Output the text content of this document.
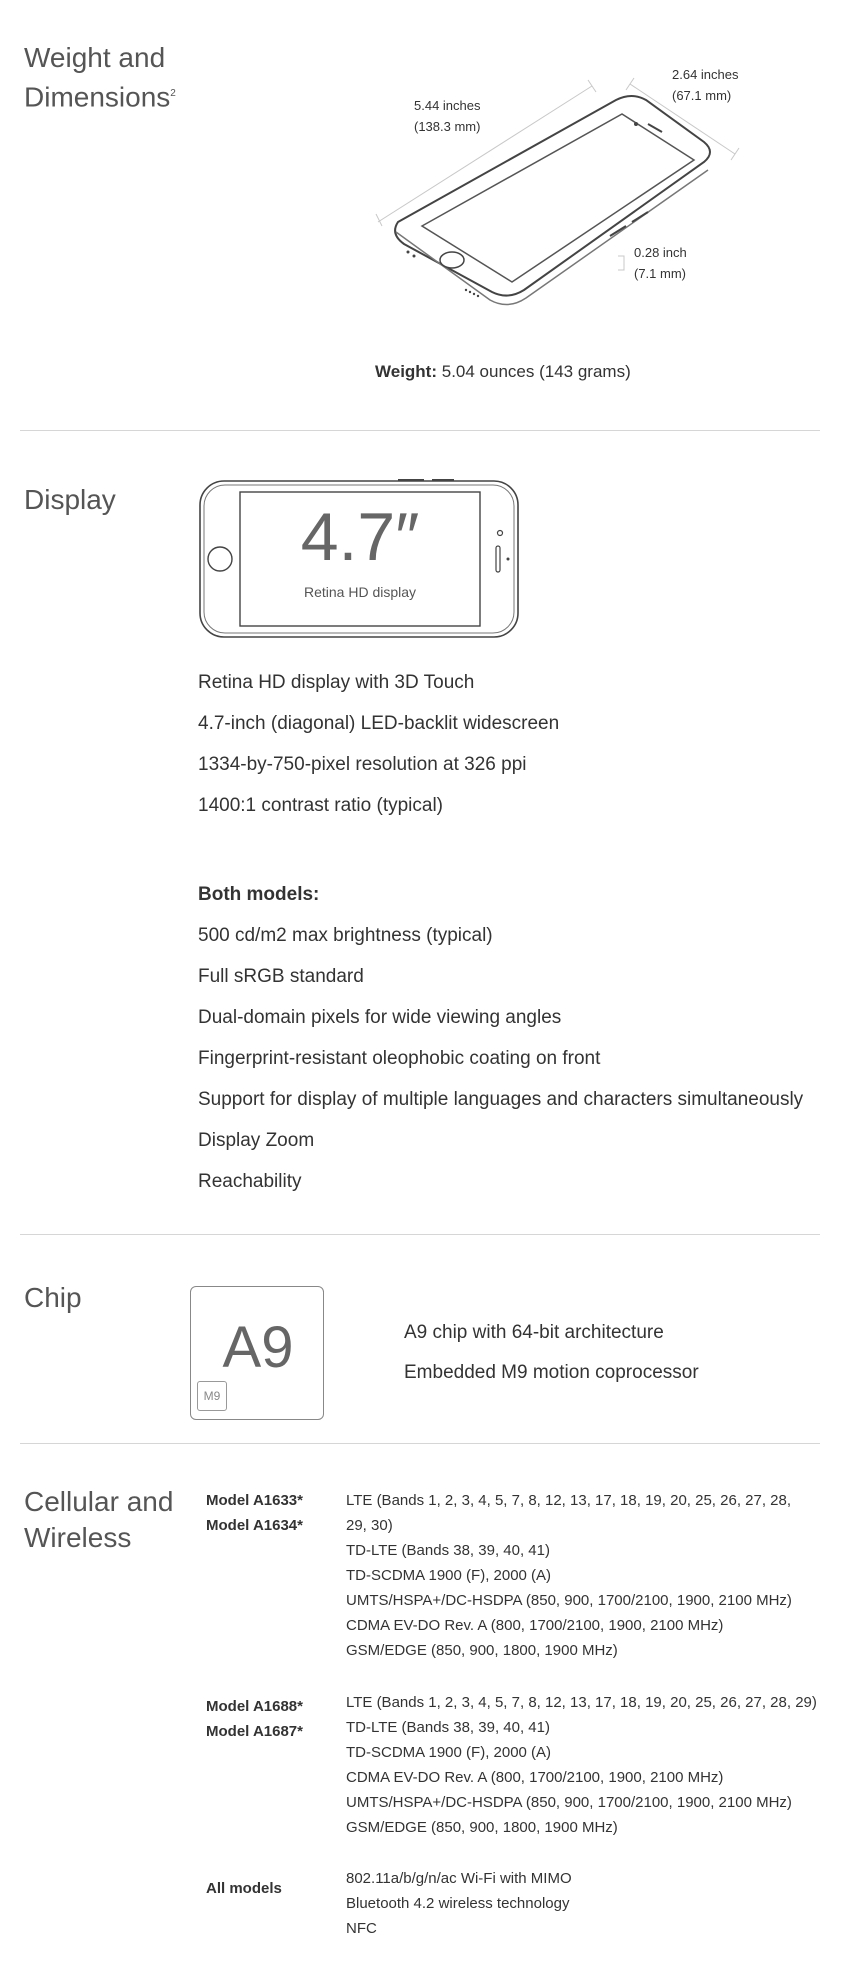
Weight and
Dimensions$^2$
5.44 inches
(138.3 mm)
2.64 inches
(67.1 mm)
0.28 inch
(7.1 mm)
Weight: 5.04 ounces (143 grams)
Display	4.7″
Retina HD display
Retina HD display with 3D Touch
4.7-inch (diagonal) LED-backlit widescreen
1334-by-750-pixel resolution at 326 ppi
1400:1 contrast ratio (typical)
Both models:
500 cd/m2 max brightness (typical)
Full sRGB standard
Dual-domain pixels for wide viewing angles
Fingerprint-resistant oleophobic coating on front
Support for display of multiple languages and characters simultaneously
Display Zoom
Reachability
Chip
A9
M9
A9 chip with 64-bit architecture
Embedded M9 motion coprocessor
Cellular and
Wireless
Model A1633*
Model A1634*
LTE (Bands 1, 2, 3, 4, 5, 7, 8, 12, 13, 17, 18, 19, 20, 25, 26, 27, 28, 29, 30)
TD-LTE (Bands 38, 39, 40, 41)
TD-SCDMA 1900 (F), 2000 (A)
UMTS/HSPA+/DC-HSDPA (850, 900, 1700/2100, 1900, 2100 MHz)
CDMA EV-DO Rev. A (800, 1700/2100, 1900, 2100 MHz)
GSM/EDGE (850, 900, 1800, 1900 MHz)
Model A1688*
Model A1687*
LTE (Bands 1, 2, 3, 4, 5, 7, 8, 12, 13, 17, 18, 19, 20, 25, 26, 27, 28, 29)
TD-LTE (Bands 38, 39, 40, 41)
TD-SCDMA 1900 (F), 2000 (A)
CDMA EV-DO Rev. A (800, 1700/2100, 1900, 2100 MHz)
UMTS/HSPA+/DC-HSDPA (850, 900, 1700/2100, 1900, 2100 MHz)
GSM/EDGE (850, 900, 1800, 1900 MHz)
All models
802.11a/b/g/n/ac Wi-Fi with MIMO
Bluetooth 4.2 wireless technology
NFC
